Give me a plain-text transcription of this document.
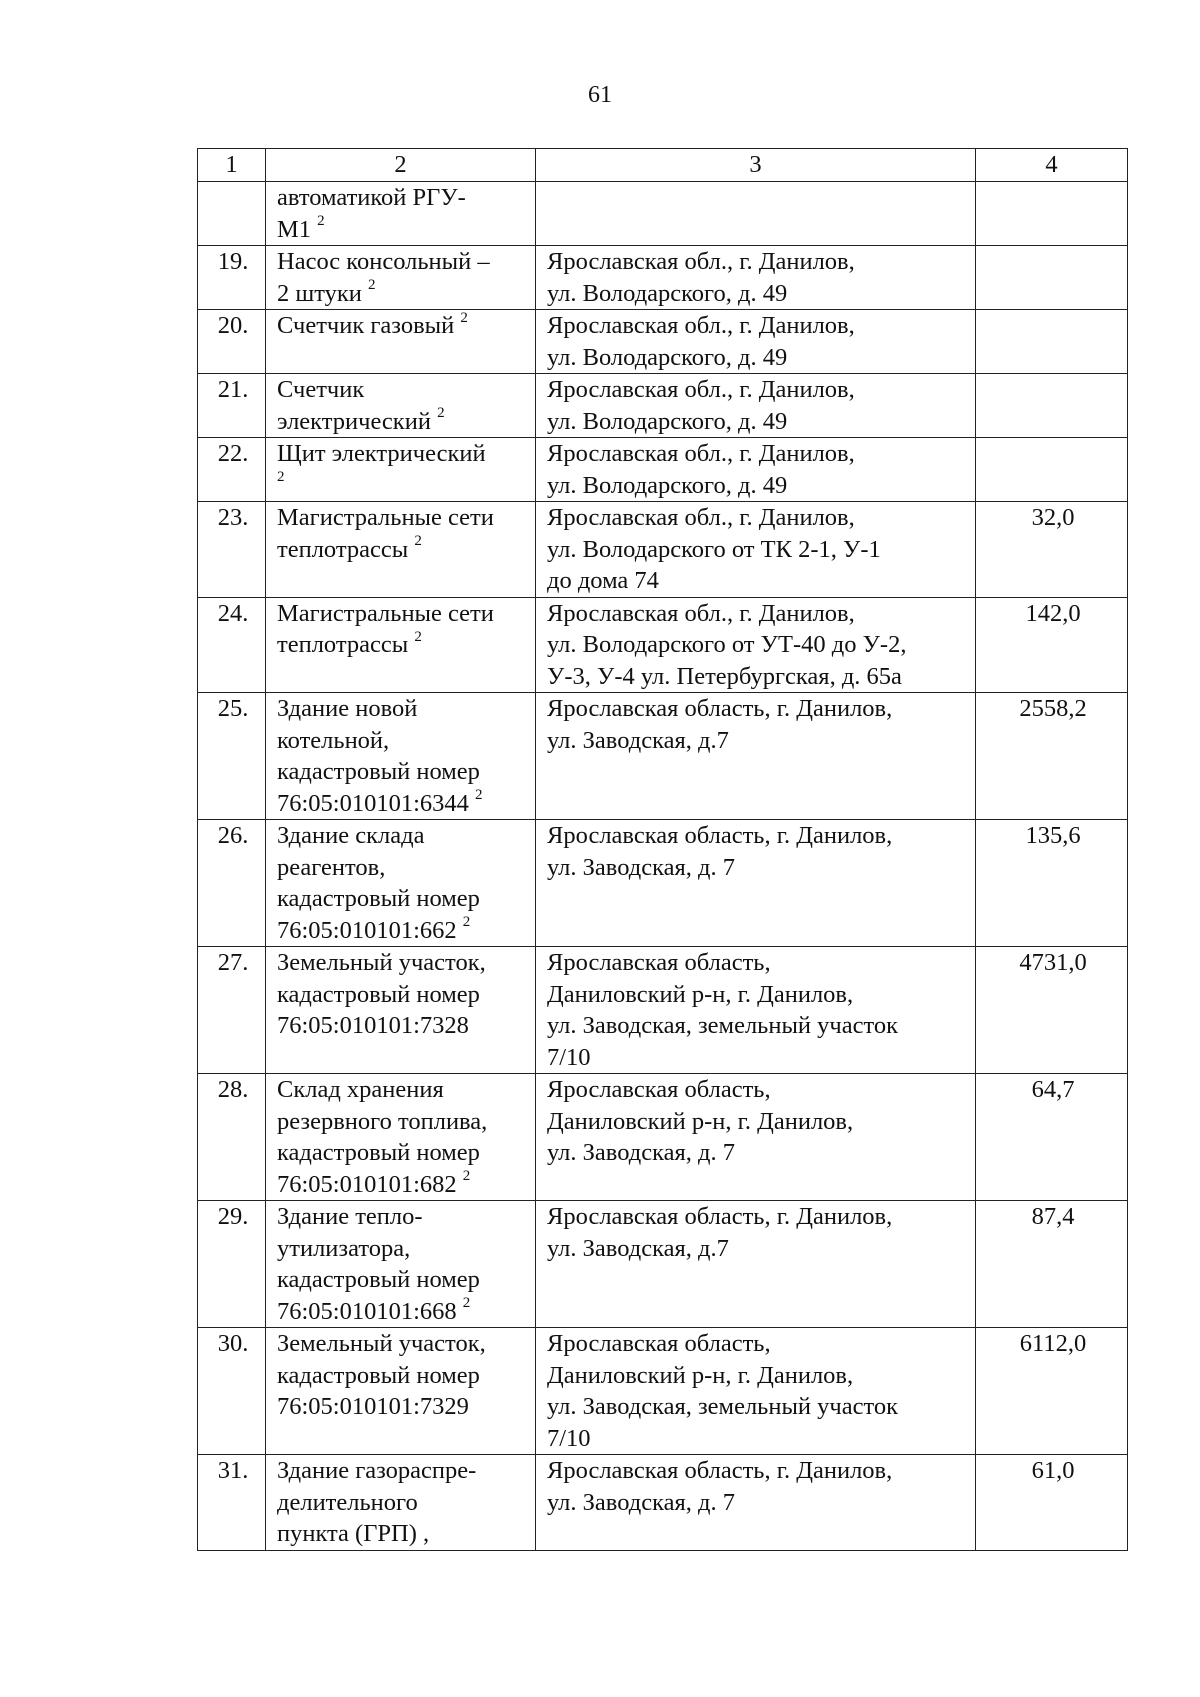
61
1	2	3	4
	автоматикой РГУ-
М1 $^2$		
19.	Насос консольный –
2 штуки $^2$	Ярославская обл., г. Данилов,
ул. Володарского, д. 49	
20.	Счетчик газовый $^2$	Ярославская обл., г. Данилов,
ул. Володарского, д. 49	
21.	Счетчик
электрический $^2$	Ярославская обл., г. Данилов,
ул. Володарского, д. 49	
22.	Щит электрический
$^2$	Ярославская обл., г. Данилов,
ул. Володарского, д. 49	
23.	Магистральные сети
теплотрассы $^2$	Ярославская обл., г. Данилов,
ул. Володарского от ТК 2-1, У-1
до дома 74	32,0
24.	Магистральные сети
теплотрассы $^2$	Ярославская обл., г. Данилов,
ул. Володарского от УТ-40 до У-2,
У-3, У-4 ул. Петербургская, д. 65а	142,0
25.	Здание новой
котельной,
кадастровый номер
76:05:010101:6344 $^2$	Ярославская область, г. Данилов,
ул. Заводская, д.7	2558,2
26.	Здание склада
реагентов,
кадастровый номер
76:05:010101:662 $^2$	Ярославская область, г. Данилов,
ул. Заводская, д. 7	135,6
27.	Земельный участок,
кадастровый номер
76:05:010101:7328	Ярославская область,
Даниловский р-н, г. Данилов,
ул. Заводская, земельный участок
7/10	4731,0
28.	Склад хранения
резервного топлива,
кадастровый номер
76:05:010101:682 $^2$	Ярославская область,
Даниловский р-н, г. Данилов,
ул. Заводская, д. 7	64,7
29.	Здание тепло-
утилизатора,
кадастровый номер
76:05:010101:668 $^2$	Ярославская область, г. Данилов,
ул. Заводская, д.7	87,4
30.	Земельный участок,
кадастровый номер
76:05:010101:7329	Ярославская область,
Даниловский р-н, г. Данилов,
ул. Заводская, земельный участок
7/10	6112,0
31.	Здание газораспре-
делительного
пункта (ГРП) ,	Ярославская область, г. Данилов,
ул. Заводская, д. 7	61,0
